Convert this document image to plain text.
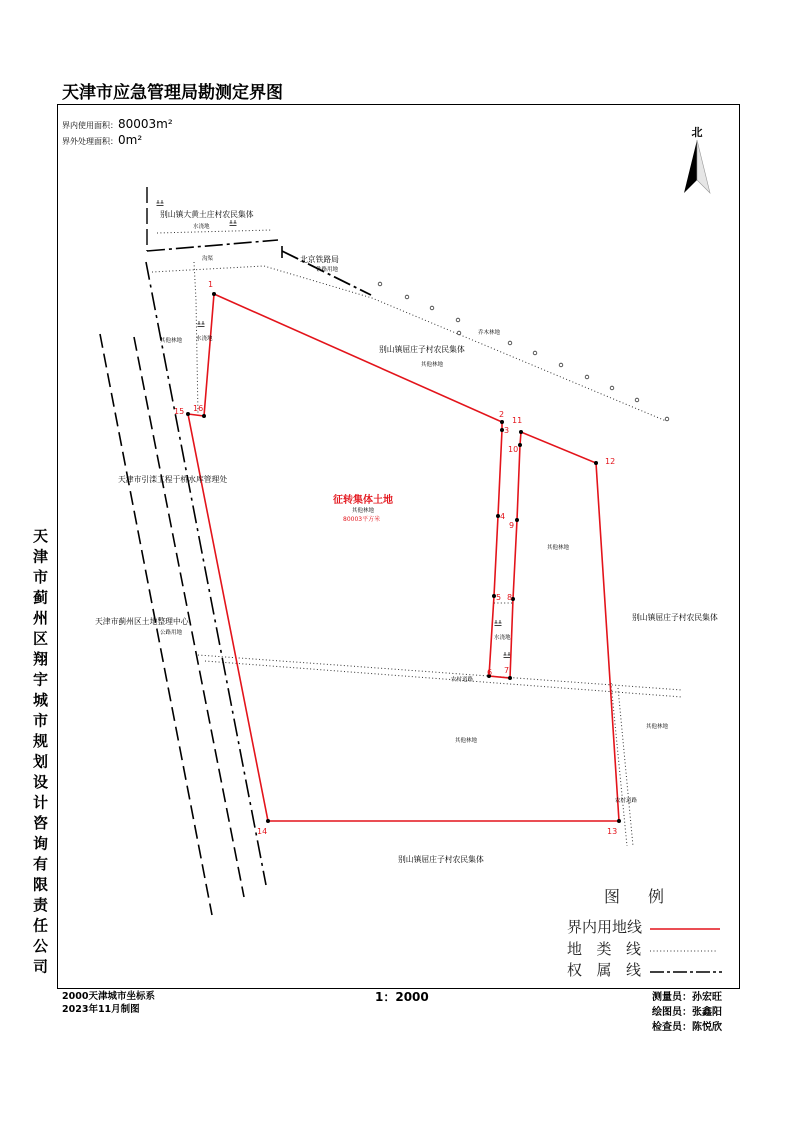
北
1
2
3
4
5
6 7
8
9
10
11
12
13
14
15 16
别山镇大黄土庄村农民集体
北京铁路局
别山镇屈庄子村农民集体
天津市引滦工程于桥水库管理处
天津市蓟州区土地整理中心	别山镇屈庄子村农民集体
别山镇屈庄子村农民集体
水浇地
沟渠
铁路用地
其他林地	水浇地
乔木林地
其他林地
其他林地
公路用地
水浇地
农村道路
其他林地
其他林地
农村道路
征转集体土地
其他林地
80003平方米
天津市应急管理局勘测定界图
界内使用面积：80003m²
界外处理面积：0m²
天津市蓟州区翔宇城市规划设计咨询有限责任公司	图例
界内用地线
地类线
权属线
2000天津城市坐标系
2023年11月制图
1：2000	测量员：孙宏旺
绘图员：张鑫阳
检查员：陈悦欣
